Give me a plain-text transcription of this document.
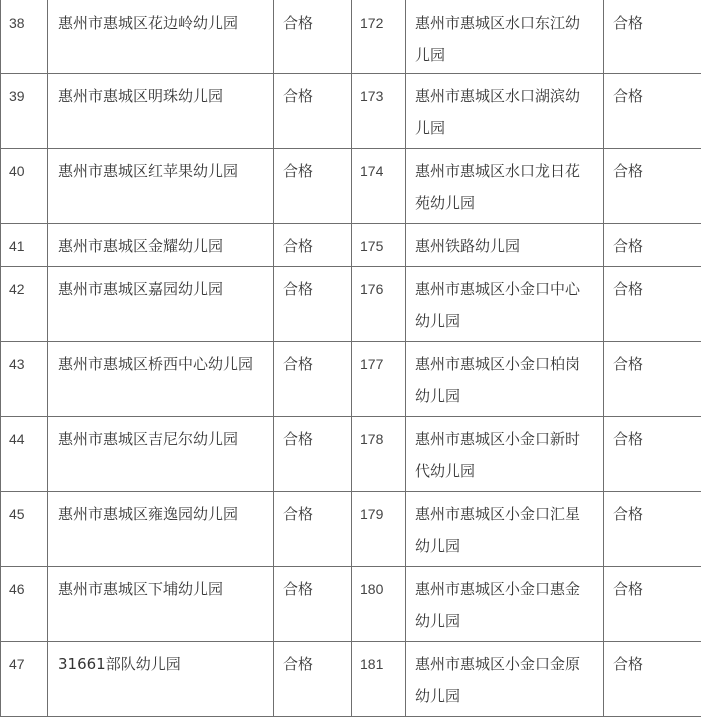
38	惠州市惠城区花边岭幼儿园	合格	172	惠州市惠城区水口东江幼儿园	合格
39	惠州市惠城区明珠幼儿园	合格	173	惠州市惠城区水口湖滨幼儿园	合格
40	惠州市惠城区红苹果幼儿园	合格	174	惠州市惠城区水口龙日花苑幼儿园	合格
41	惠州市惠城区金耀幼儿园	合格	175	惠州铁路幼儿园	合格
42	惠州市惠城区嘉园幼儿园	合格	176	惠州市惠城区小金口中心幼儿园	合格
43	惠州市惠城区桥西中心幼儿园	合格	177	惠州市惠城区小金口柏岗幼儿园	合格
44	惠州市惠城区吉尼尔幼儿园	合格	178	惠州市惠城区小金口新时代幼儿园	合格
45	惠州市惠城区雍逸园幼儿园	合格	179	惠州市惠城区小金口汇星幼儿园	合格
46	惠州市惠城区下埔幼儿园	合格	180	惠州市惠城区小金口惠金幼儿园	合格
47	31661部队幼儿园	合格	181	惠州市惠城区小金口金原幼儿园	合格
